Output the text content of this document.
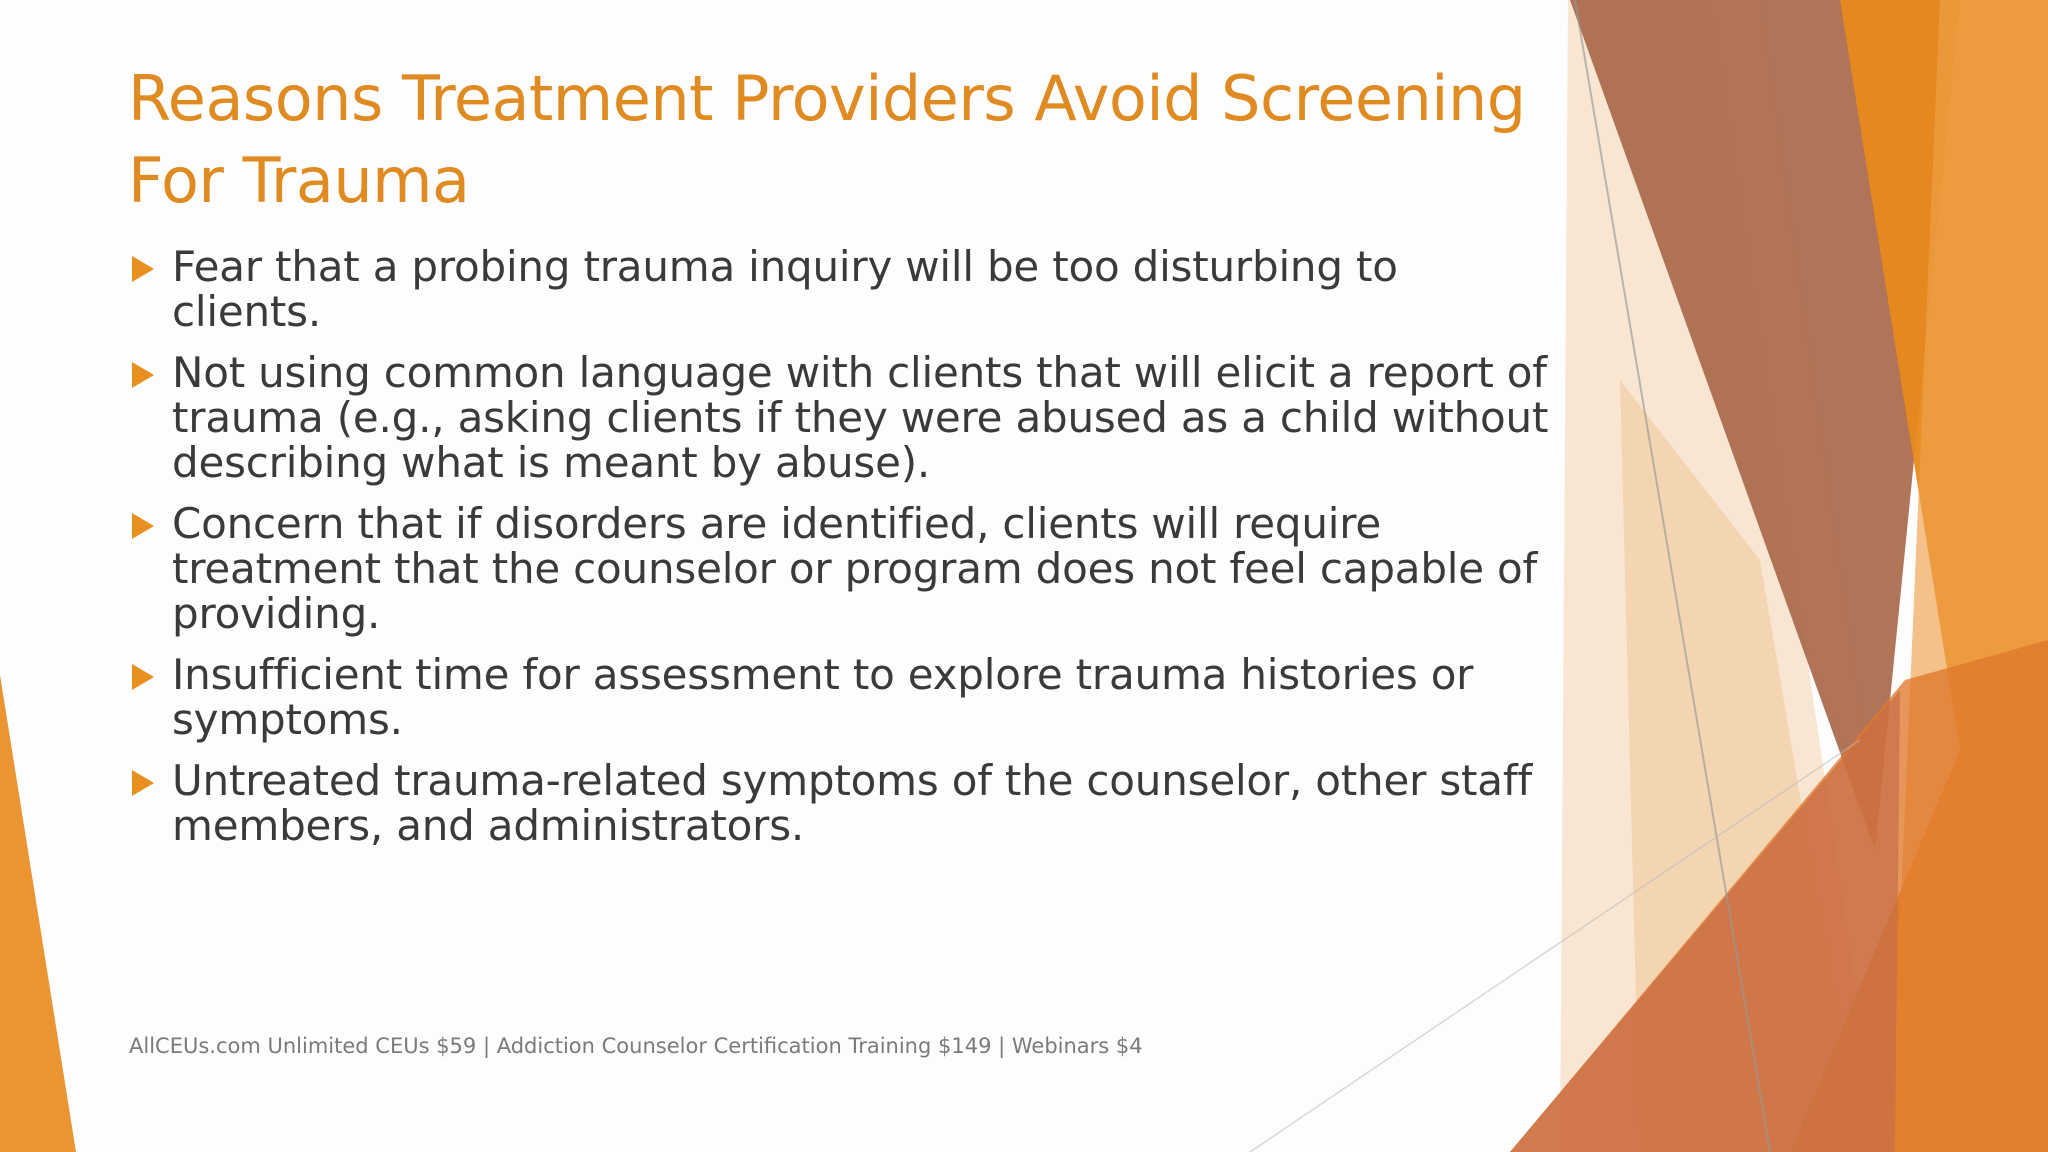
Reasons Treatment Providers Avoid Screening For Trauma
Fear that a probing trauma inquiry will be too disturbing to clients.
Not using common language with clients that will elicit a report of trauma (e.g., asking clients if they were abused as a child without describing what is meant by abuse).
Concern that if disorders are identified, clients will require treatment that the counselor or program does not feel capable of providing.
Insufficient time for assessment to explore trauma histories or symptoms.
Untreated trauma-related symptoms of the counselor, other staff members, and administrators.
AllCEUs.com Unlimited CEUs $59 | Addiction Counselor Certification Training $149 | Webinars $4
